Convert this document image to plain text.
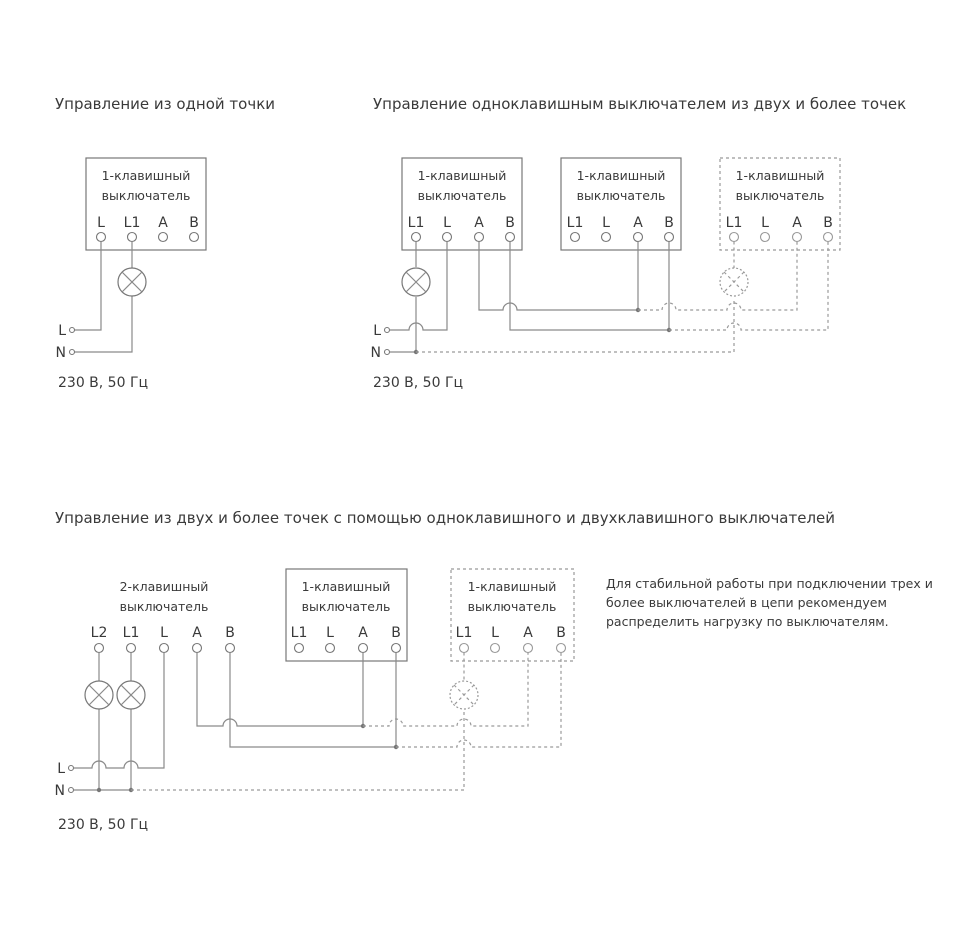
Управление из одной точки	Управление одноклавишным выключателем из двух и более точек
Управление из двух и более точек с помощью одноклавишного и двухклавишного выключателей
230 В, 50 Гц	230 В, 50 Гц
230 В, 50 Гц
Для стабильной работы при подключении трех и
более выключателей в цепи рекомендуем
распределить нагрузку по выключателям.
1-клавишный
выключатель
L L1 A B
L
N
1-клавишный
выключатель
L1 L A B
1-клавишный
выключатель
L1 L A B
1-клавишный
выключатель
L1 L A B
L
N
2-клавишный
выключатель
L2 L1 L A B
1-клавишный
выключатель
L1 L A B
1-клавишный
выключатель
L1 L A B
L
N
